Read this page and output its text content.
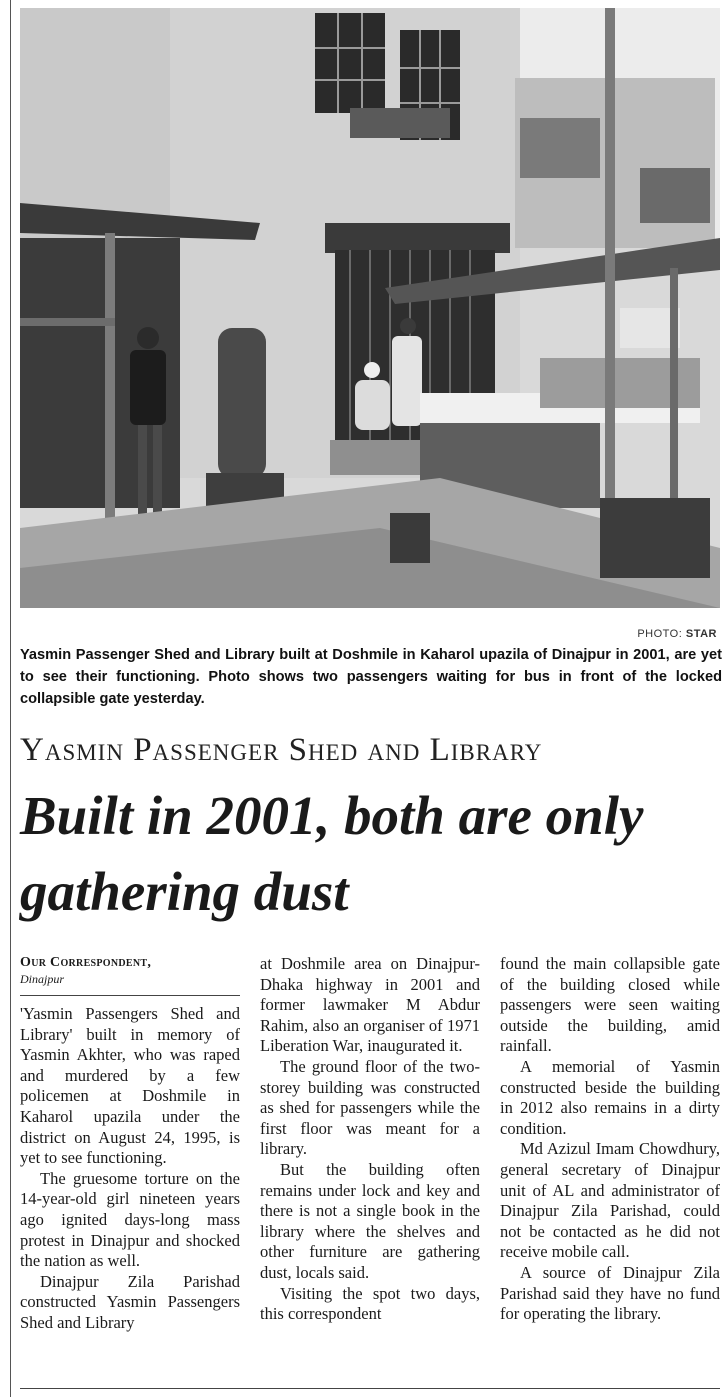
PHOTO: STAR
Yasmin Passenger Shed and Library built at Doshmile in Kaharol upazila of Dinajpur in 2001, are yet to see their functioning. Photo shows two passengers waiting for bus in front of the locked collapsible gate yesterday.
Yasmin Passenger Shed and Library
Built in 2001, both are only gathering dust
Our Correspondent,
Dinajpur

'Yasmin Passengers Shed and Library' built in memory of Yasmin Akhter, who was raped and murdered by a few policemen at Doshmile in Kaharol upazila under the district on August 24, 1995, is yet to see functioning.

The gruesome torture on the 14-year-old girl nineteen years ago ignited days-long mass protest in Dinajpur and shocked the nation as well.

Dinajpur Zila Parishad constructed Yasmin Passengers Shed and Library

at Doshmile area on Dinajpur-Dhaka highway in 2001 and former lawmaker M Abdur Rahim, also an organiser of 1971 Liberation War, inaugurated it.

The ground floor of the two-storey building was constructed as shed for passengers while the first floor was meant for a library.

But the building often remains under lock and key and there is not a single book in the library where the shelves and other furniture are gathering dust, locals said.

Visiting the spot two days, this correspondent

found the main collapsible gate of the building closed while passengers were seen waiting outside the building, amid rainfall.

A memorial of Yasmin constructed beside the building in 2012 also remains in a dirty condition.

Md Azizul Imam Chowdhury, general secretary of Dinajpur unit of AL and administrator of Dinajpur Zila Parishad, could not be contacted as he did not receive mobile call.

A source of Dinajpur Zila Parishad said they have no fund for operating the library.
